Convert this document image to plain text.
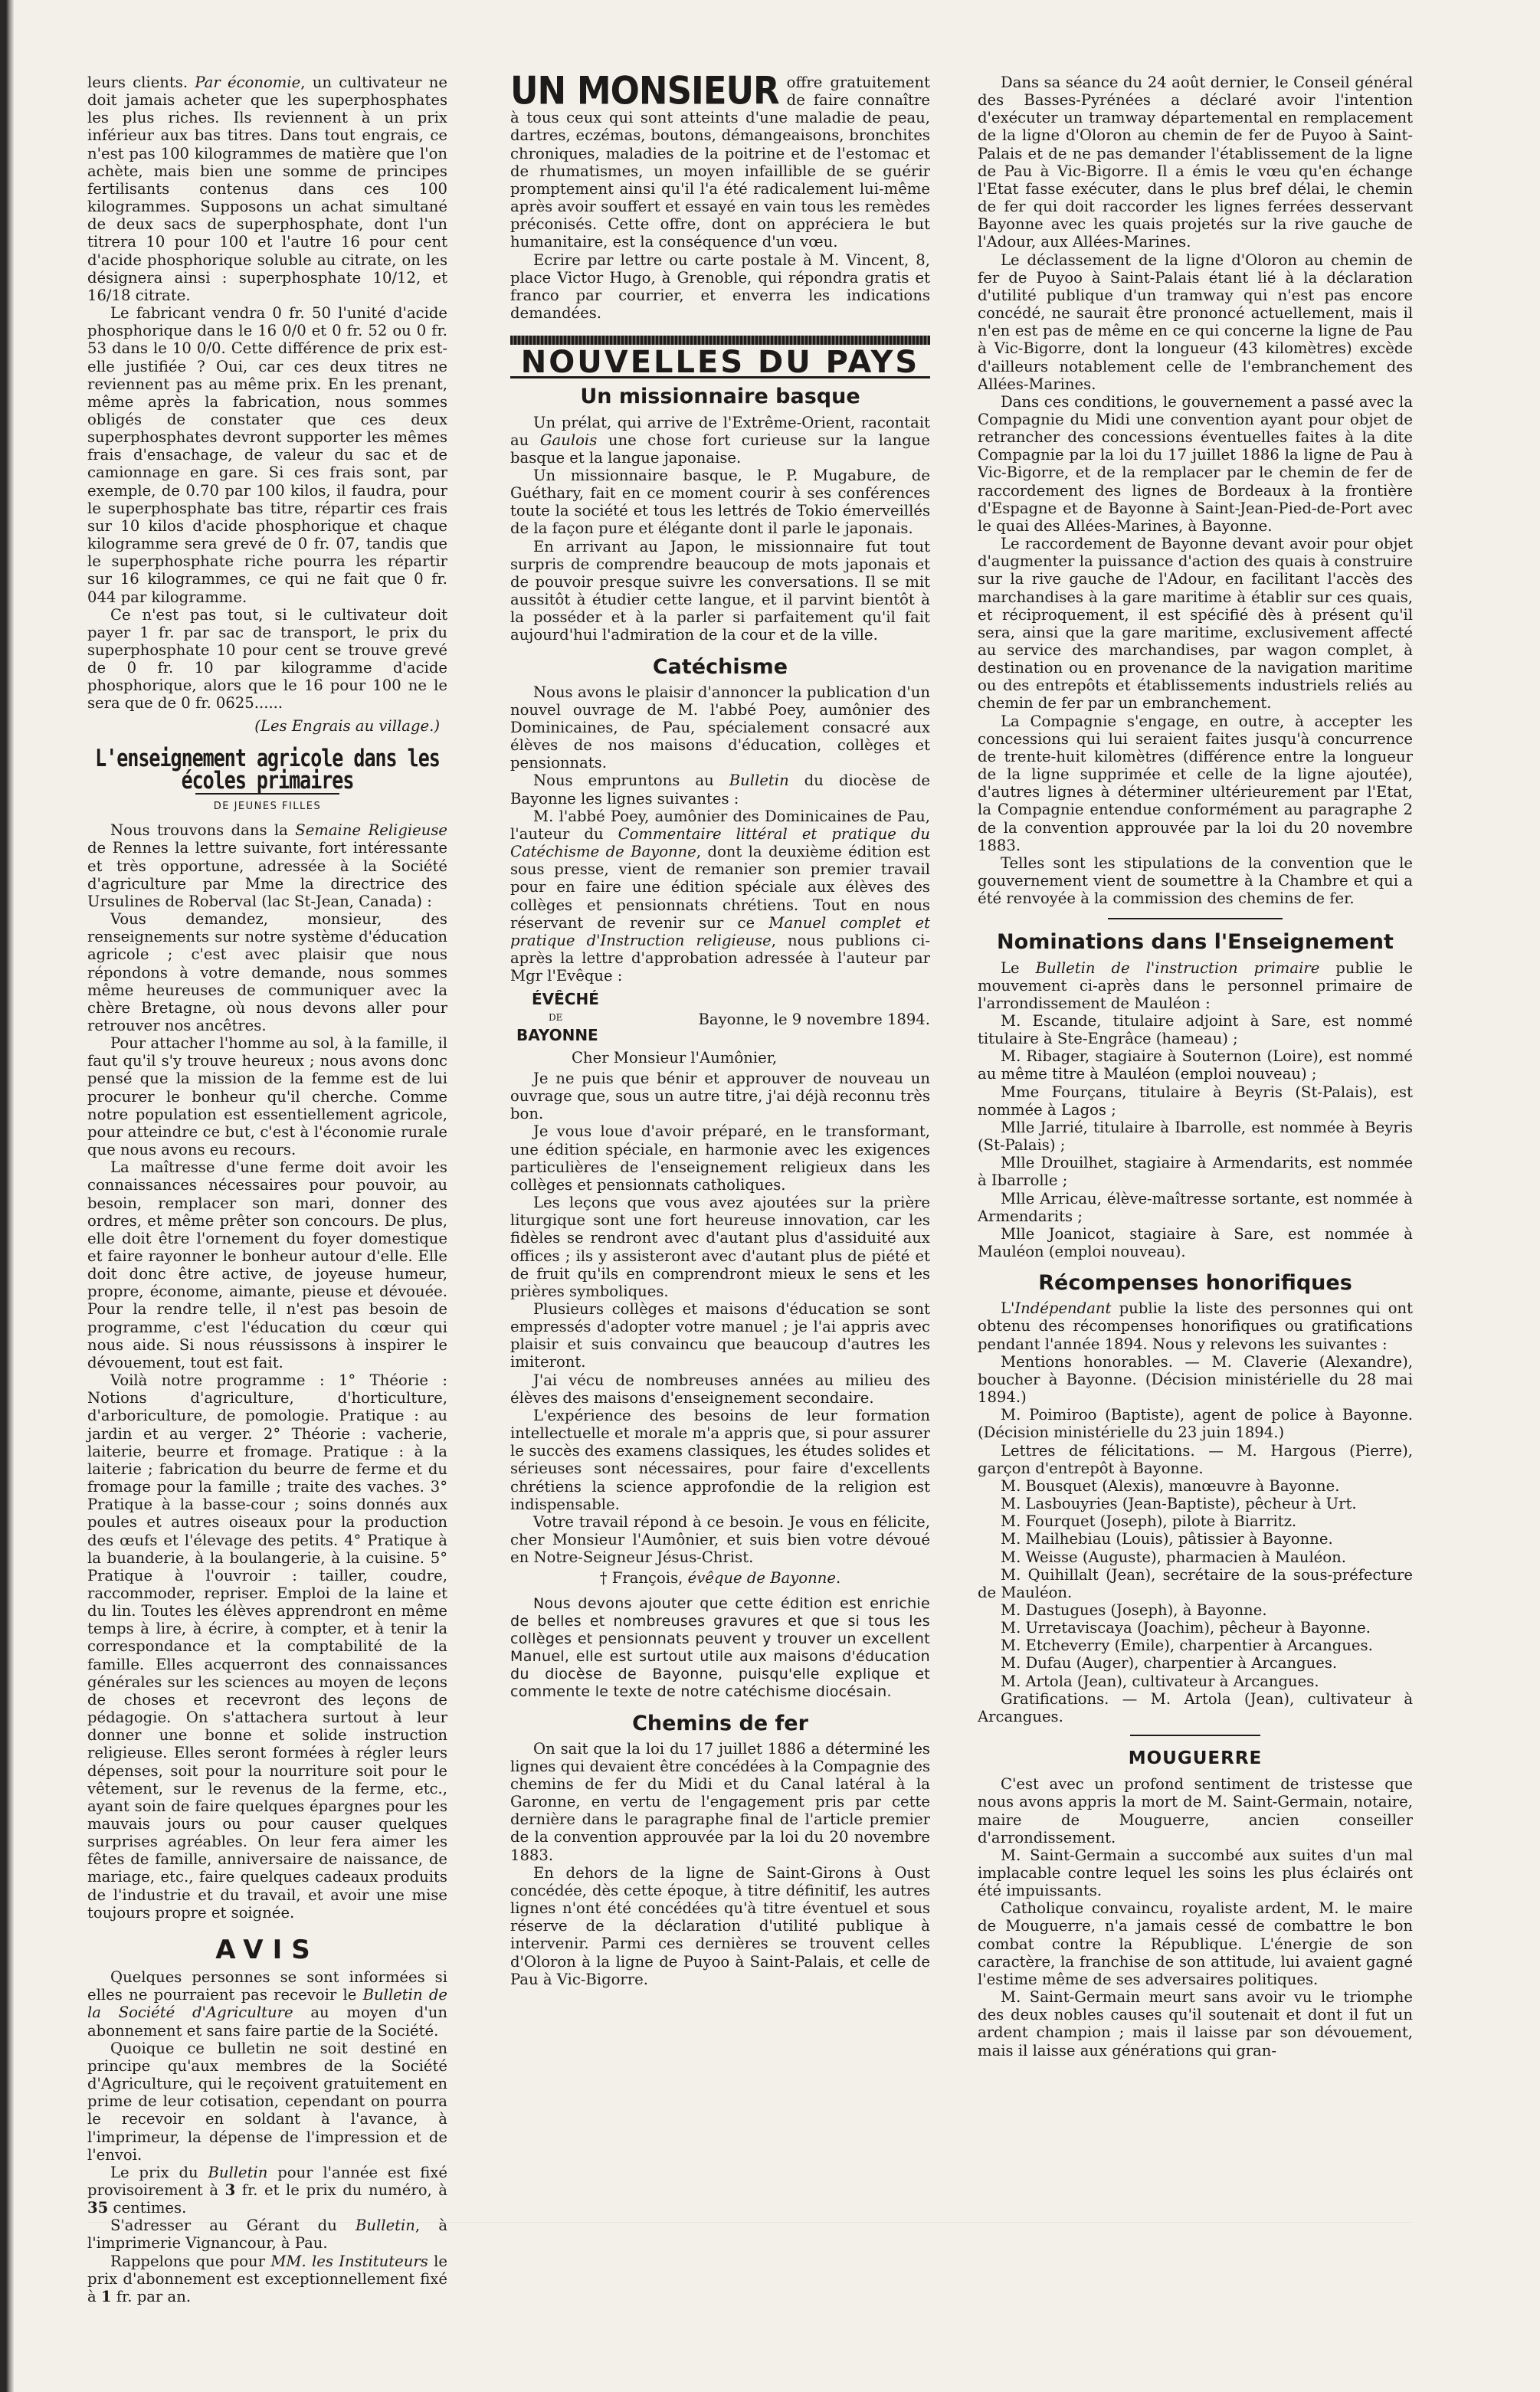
leurs clients. Par économie, un cultivateur ne doit jamais acheter que les superphosphates les plus riches. Ils reviennent à un prix inférieur aux bas titres. Dans tout engrais, ce n'est pas 100 kilogrammes de matière que l'on achète, mais bien une somme de principes fertilisants contenus dans ces 100 kilogrammes. Supposons un achat simultané de deux sacs de superphosphate, dont l'un titrera 10 pour 100 et l'autre 16 pour cent d'acide phosphorique soluble au citrate, on les désignera ainsi : superphosphate 10/12, et 16/18 citrate.

Le fabricant vendra 0 fr. 50 l'unité d'acide phosphorique dans le 16 0/0 et 0 fr. 52 ou 0 fr. 53 dans le 10 0/0. Cette différence de prix est-elle justifiée ? Oui, car ces deux titres ne reviennent pas au même prix. En les prenant, même après la fabrication, nous sommes obligés de constater que ces deux superphosphates devront supporter les mêmes frais d'ensachage, de valeur du sac et de camionnage en gare. Si ces frais sont, par exemple, de 0.70 par 100 kilos, il faudra, pour le superphosphate bas titre, répartir ces frais sur 10 kilos d'acide phosphorique et chaque kilogramme sera grevé de 0 fr. 07, tandis que le superphosphate riche pourra les répartir sur 16 kilogrammes, ce qui ne fait que 0 fr. 044 par kilogramme.

Ce n'est pas tout, si le cultivateur doit payer 1 fr. par sac de transport, le prix du superphosphate 10 pour cent se trouve grevé de 0 fr. 10 par kilogramme d'acide phosphorique, alors que le 16 pour 100 ne le sera que de 0 fr. 0625......

(Les Engrais au village.)

L'enseignement agricole dans les écoles primaires
DE JEUNES FILLES

Nous trouvons dans la Semaine Religieuse de Rennes la lettre suivante, fort intéressante et très opportune, adressée à la Société d'agriculture par Mme la directrice des Ursulines de Roberval (lac St-Jean, Canada) :

Vous demandez, monsieur, des renseignements sur notre système d'éducation agricole ; c'est avec plaisir que nous répondons à votre demande, nous sommes même heureuses de communiquer avec la chère Bretagne, où nous devons aller pour retrouver nos ancêtres.

Pour attacher l'homme au sol, à la famille, il faut qu'il s'y trouve heureux ; nous avons donc pensé que la mission de la femme est de lui procurer le bonheur qu'il cherche. Comme notre population est essentiellement agricole, pour atteindre ce but, c'est à l'économie rurale que nous avons eu recours.

La maîtresse d'une ferme doit avoir les connaissances nécessaires pour pouvoir, au besoin, remplacer son mari, donner des ordres, et même prêter son concours. De plus, elle doit être l'ornement du foyer domestique et faire rayonner le bonheur autour d'elle. Elle doit donc être active, de joyeuse humeur, propre, économe, aimante, pieuse et dévouée. Pour la rendre telle, il n'est pas besoin de programme, c'est l'éducation du cœur qui nous aide. Si nous réussissons à inspirer le dévouement, tout est fait.

Voilà notre programme : 1° Théorie : Notions d'agriculture, d'horticulture, d'arboriculture, de pomologie. Pratique : au jardin et au verger. 2° Théorie : vacherie, laiterie, beurre et fromage. Pratique : à la laiterie ; fabrication du beurre de ferme et du fromage pour la famille ; traite des vaches. 3° Pratique à la basse-cour ; soins donnés aux poules et autres oiseaux pour la production des œufs et l'élevage des petits. 4° Pratique à la buanderie, à la boulangerie, à la cuisine. 5° Pratique à l'ouvroir : tailler, coudre, raccommoder, repriser. Emploi de la laine et du lin. Toutes les élèves apprendront en même temps à lire, à écrire, à compter, et à tenir la correspondance et la comptabilité de la famille. Elles acquerront des connaissances générales sur les sciences au moyen de leçons de choses et recevront des leçons de pédagogie. On s'attachera surtout à leur donner une bonne et solide instruction religieuse. Elles seront formées à régler leurs dépenses, soit pour la nourriture soit pour le vêtement, sur le revenus de la ferme, etc., ayant soin de faire quelques épargnes pour les mauvais jours ou pour causer quelques surprises agréables. On leur fera aimer les fêtes de famille, anniversaire de naissance, de mariage, etc., faire quelques cadeaux produits de l'industrie et du travail, et avoir une mise toujours propre et soignée.

AVIS

Quelques personnes se sont informées si elles ne pourraient pas recevoir le Bulletin de la Société d'Agriculture au moyen d'un abonnement et sans faire partie de la Société.

Quoique ce bulletin ne soit destiné en principe qu'aux membres de la Société d'Agriculture, qui le reçoivent gratuitement en prime de leur cotisation, cependant on pourra le recevoir en soldant à l'avance, à l'imprimeur, la dépense de l'impression et de l'envoi.

Le prix du Bulletin pour l'année est fixé provisoirement à 3 fr. et le prix du numéro, à 35 centimes.

S'adresser au Gérant du Bulletin, à l'imprimerie Vignancour, à Pau.

Rappelons que pour MM. les Instituteurs le prix d'abonnement est exceptionnellement fixé à 1 fr. par an.

UN MONSIEUR offre gratuitement de faire connaître à tous ceux qui sont atteints d'une maladie de peau, dartres, eczémas, boutons, démangeaisons, bronchites chroniques, maladies de la poitrine et de l'estomac et de rhumatismes, un moyen infaillible de se guérir promptement ainsi qu'il l'a été radicalement lui-même après avoir souffert et essayé en vain tous les remèdes préconisés. Cette offre, dont on appréciera le but humanitaire, est la conséquence d'un vœu.

Ecrire par lettre ou carte postale à M. Vincent, 8, place Victor Hugo, à Grenoble, qui répondra gratis et franco par courrier, et enverra les indications demandées.

NOUVELLES DU PAYS
Un missionnaire basque

Un prélat, qui arrive de l'Extrême-Orient, racontait au Gaulois une chose fort curieuse sur la langue basque et la langue japonaise.

Un missionnaire basque, le P. Mugabure, de Guéthary, fait en ce moment courir à ses conférences toute la société et tous les lettrés de Tokio émerveillés de la façon pure et élégante dont il parle le japonais.

En arrivant au Japon, le missionnaire fut tout surpris de comprendre beaucoup de mots japonais et de pouvoir presque suivre les conversations. Il se mit aussitôt à étudier cette langue, et il parvint bientôt à la posséder et à la parler si parfaitement qu'il fait aujourd'hui l'admiration de la cour et de la ville.

Catéchisme

Nous avons le plaisir d'annoncer la publication d'un nouvel ouvrage de M. l'abbé Poey, aumônier des Dominicaines, de Pau, spécialement consacré aux élèves de nos maisons d'éducation, collèges et pensionnats.

Nous empruntons au Bulletin du diocèse de Bayonne les lignes suivantes :

M. l'abbé Poey, aumônier des Dominicaines de Pau, l'auteur du Commentaire littéral et pratique du Catéchisme de Bayonne, dont la deuxième édition est sous presse, vient de remanier son premier travail pour en faire une édition spéciale aux élèves des collèges et pensionnats chrétiens. Tout en nous réservant de revenir sur ce Manuel complet et pratique d'Instruction religieuse, nous publions ci-après la lettre d'approbation adressée à l'auteur par Mgr l'Evêque :

ÉVÊCHÉ
DE
BAYONNE
Bayonne, le 9 novembre 1894.

Cher Monsieur l'Aumônier,

Je ne puis que bénir et approuver de nouveau un ouvrage que, sous un autre titre, j'ai déjà reconnu très bon.

Je vous loue d'avoir préparé, en le transformant, une édition spéciale, en harmonie avec les exigences particulières de l'enseignement religieux dans les collèges et pensionnats catholiques.

Les leçons que vous avez ajoutées sur la prière liturgique sont une fort heureuse innovation, car les fidèles se rendront avec d'autant plus d'assiduité aux offices ; ils y assisteront avec d'autant plus de piété et de fruit qu'ils en comprendront mieux le sens et les prières symboliques.

Plusieurs collèges et maisons d'éducation se sont empressés d'adopter votre manuel ; je l'ai appris avec plaisir et suis convaincu que beaucoup d'autres les imiteront.

J'ai vécu de nombreuses années au milieu des élèves des maisons d'enseignement secondaire.

L'expérience des besoins de leur formation intellectuelle et morale m'a appris que, si pour assurer le succès des examens classiques, les études solides et sérieuses sont nécessaires, pour faire d'excellents chrétiens la science approfondie de la religion est indispensable.

Votre travail répond à ce besoin. Je vous en félicite, cher Monsieur l'Aumônier, et suis bien votre dévoué en Notre-Seigneur Jésus-Christ.

† François, évêque de Bayonne.

Nous devons ajouter que cette édition est enrichie de belles et nombreuses gravures et que si tous les collèges et pensionnats peuvent y trouver un excellent Manuel, elle est surtout utile aux maisons d'éducation du diocèse de Bayonne, puisqu'elle explique et commente le texte de notre catéchisme diocésain.

Chemins de fer

On sait que la loi du 17 juillet 1886 a déterminé les lignes qui devaient être concédées à la Compagnie des chemins de fer du Midi et du Canal latéral à la Garonne, en vertu de l'engagement pris par cette dernière dans le paragraphe final de l'article premier de la convention approuvée par la loi du 20 novembre 1883.

En dehors de la ligne de Saint-Girons à Oust concédée, dès cette époque, à titre définitif, les autres lignes n'ont été concédées qu'à titre éventuel et sous réserve de la déclaration d'utilité publique à intervenir. Parmi ces dernières se trouvent celles d'Oloron à la ligne de Puyoo à Saint-Palais, et celle de Pau à Vic-Bigorre.

Dans sa séance du 24 août dernier, le Conseil général des Basses-Pyrénées a déclaré avoir l'intention d'exécuter un tramway départemental en remplacement de la ligne d'Oloron au chemin de fer de Puyoo à Saint-Palais et de ne pas demander l'établissement de la ligne de Pau à Vic-Bigorre. Il a émis le vœu qu'en échange l'Etat fasse exécuter, dans le plus bref délai, le chemin de fer qui doit raccorder les lignes ferrées desservant Bayonne avec les quais projetés sur la rive gauche de l'Adour, aux Allées-Marines.

Le déclassement de la ligne d'Oloron au chemin de fer de Puyoo à Saint-Palais étant lié à la déclaration d'utilité publique d'un tramway qui n'est pas encore concédé, ne saurait être prononcé actuellement, mais il n'en est pas de même en ce qui concerne la ligne de Pau à Vic-Bigorre, dont la longueur (43 kilomètres) excède d'ailleurs notablement celle de l'embranchement des Allées-Marines.

Dans ces conditions, le gouvernement a passé avec la Compagnie du Midi une convention ayant pour objet de retrancher des concessions éventuelles faites à la dite Compagnie par la loi du 17 juillet 1886 la ligne de Pau à Vic-Bigorre, et de la remplacer par le chemin de fer de raccordement des lignes de Bordeaux à la frontière d'Espagne et de Bayonne à Saint-Jean-Pied-de-Port avec le quai des Allées-Marines, à Bayonne.

Le raccordement de Bayonne devant avoir pour objet d'augmenter la puissance d'action des quais à construire sur la rive gauche de l'Adour, en facilitant l'accès des marchandises à la gare maritime à établir sur ces quais, et réciproquement, il est spécifié dès à présent qu'il sera, ainsi que la gare maritime, exclusivement affecté au service des marchandises, par wagon complet, à destination ou en provenance de la navigation maritime ou des entrepôts et établissements industriels reliés au chemin de fer par un embranchement.

La Compagnie s'engage, en outre, à accepter les concessions qui lui seraient faites jusqu'à concurrence de trente-huit kilomètres (différence entre la longueur de la ligne supprimée et celle de la ligne ajoutée), d'autres lignes à déterminer ultérieurement par l'Etat, la Compagnie entendue conformément au paragraphe 2 de la convention approuvée par la loi du 20 novembre 1883.

Telles sont les stipulations de la convention que le gouvernement vient de soumettre à la Chambre et qui a été renvoyée à la commission des chemins de fer.

Nominations dans l'Enseignement

Le Bulletin de l'instruction primaire publie le mouvement ci-après dans le personnel primaire de l'arrondissement de Mauléon :

M. Escande, titulaire adjoint à Sare, est nommé titulaire à Ste-Engrâce (hameau) ;

M. Ribager, stagiaire à Souternon (Loire), est nommé au même titre à Mauléon (emploi nouveau) ;

Mme Fourçans, titulaire à Beyris (St-Palais), est nommée à Lagos ;

Mlle Jarrié, titulaire à Ibarrolle, est nommée à Beyris (St-Palais) ;

Mlle Drouilhet, stagiaire à Armendarits, est nommée à Ibarrolle ;

Mlle Arricau, élève-maîtresse sortante, est nommée à Armendarits ;

Mlle Joanicot, stagiaire à Sare, est nommée à Mauléon (emploi nouveau).

Récompenses honorifiques

L'Indépendant publie la liste des personnes qui ont obtenu des récompenses honorifiques ou gratifications pendant l'année 1894. Nous y relevons les suivantes :

Mentions honorables. — M. Claverie (Alexandre), boucher à Bayonne. (Décision ministérielle du 28 mai 1894.)

M. Poimiroo (Baptiste), agent de police à Bayonne. (Décision ministérielle du 23 juin 1894.)

Lettres de félicitations. — M. Hargous (Pierre), garçon d'entrepôt à Bayonne.

M. Bousquet (Alexis), manœuvre à Bayonne.

M. Lasbouyries (Jean-Baptiste), pêcheur à Urt.

M. Fourquet (Joseph), pilote à Biarritz.

M. Mailhebiau (Louis), pâtissier à Bayonne.

M. Weisse (Auguste), pharmacien à Mauléon.

M. Quihillalt (Jean), secrétaire de la sous-préfecture de Mauléon.

M. Dastugues (Joseph), à Bayonne.

M. Urretaviscaya (Joachim), pêcheur à Bayonne.

M. Etcheverry (Emile), charpentier à Arcangues.

M. Dufau (Auger), charpentier à Arcangues.

M. Artola (Jean), cultivateur à Arcangues.

Gratifications. — M. Artola (Jean), cultivateur à Arcangues.

MOUGUERRE

C'est avec un profond sentiment de tristesse que nous avons appris la mort de M. Saint-Germain, notaire, maire de Mouguerre, ancien conseiller d'arrondissement.

M. Saint-Germain a succombé aux suites d'un mal implacable contre lequel les soins les plus éclairés ont été impuissants.

Catholique convaincu, royaliste ardent, M. le maire de Mouguerre, n'a jamais cessé de combattre le bon combat contre la République. L'énergie de son caractère, la franchise de son attitude, lui avaient gagné l'estime même de ses adversaires politiques.

M. Saint-Germain meurt sans avoir vu le triomphe des deux nobles causes qu'il soutenait et dont il fut un ardent champion ; mais il laisse par son dévouement, mais il laisse aux générations qui gran-
